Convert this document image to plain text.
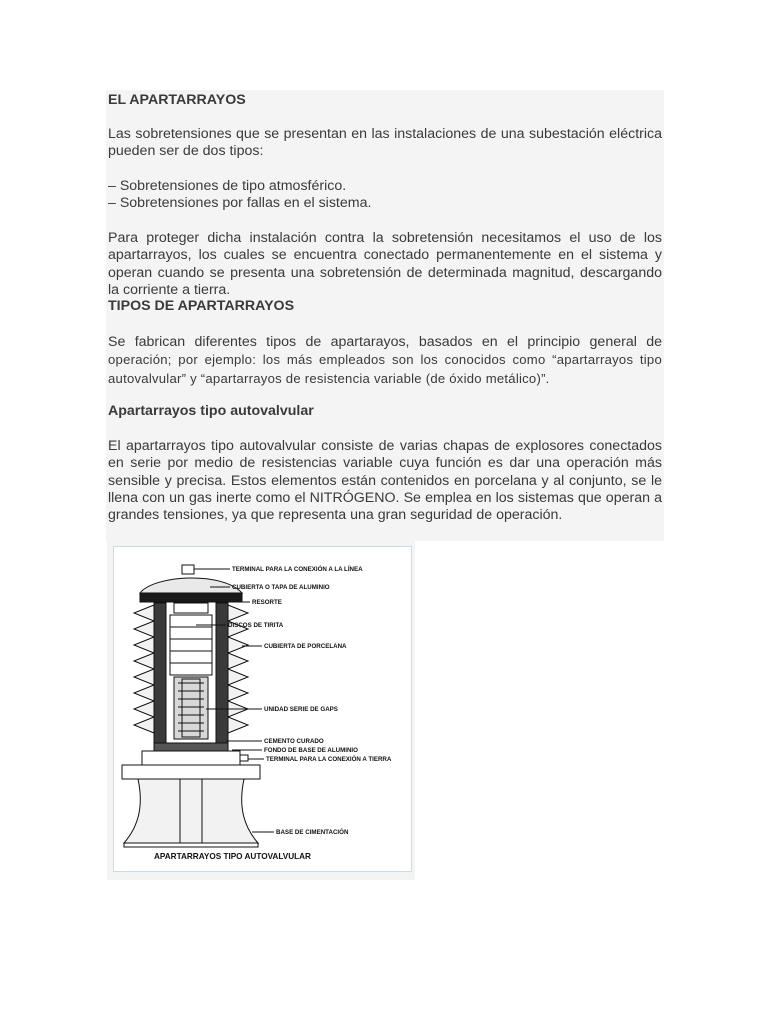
EL APARTARRAYOS

Las sobretensiones que se presentan en las instalaciones de una subestación eléctrica pueden ser de dos tipos:

– Sobretensiones de tipo atmosférico.

– Sobretensiones por fallas en el sistema.

Para proteger dicha instalación contra la sobretensión necesitamos el uso de los apartarrayos, los cuales se encuentra conectado permanentemente en el sistema y operan cuando se presenta una sobretensión de determinada magnitud, descargando la corriente a tierra.

TIPOS DE APARTARRAYOS

Se fabrican diferentes tipos de apartarayos, basados en el principio general de operación; por ejemplo: los más empleados son los conocidos como “apartarrayos tipo autovalvular” y “apartarrayos de resistencia variable (de óxido metálico)”.

Apartarrayos tipo autovalvular

El apartarrayos tipo autovalvular consiste de varias chapas de explosores conectados en serie por medio de resistencias variable cuya función es dar una operación más sensible y precisa. Estos elementos están contenidos en porcelana y al conjunto, se le llena con un gas inerte como el NITRÓGENO. Se emplea en los sistemas que operan a grandes tensiones, ya que representa una gran seguridad de operación.

TERMINAL PARA LA CONEXIÓN A LA LÍNEA
CUBIERTA O TAPA DE ALUMINIO
RESORTE
DISCOS DE TIRITA
CUBIERTA DE PORCELANA
UNIDAD SERIE DE GAPS
CEMENTO CURADO
FONDO DE BASE DE ALUMINIO
TERMINAL PARA LA CONEXIÓN A TIERRA
BASE DE CIMENTACIÓN
APARTARRAYOS TIPO AUTOVALVULAR
